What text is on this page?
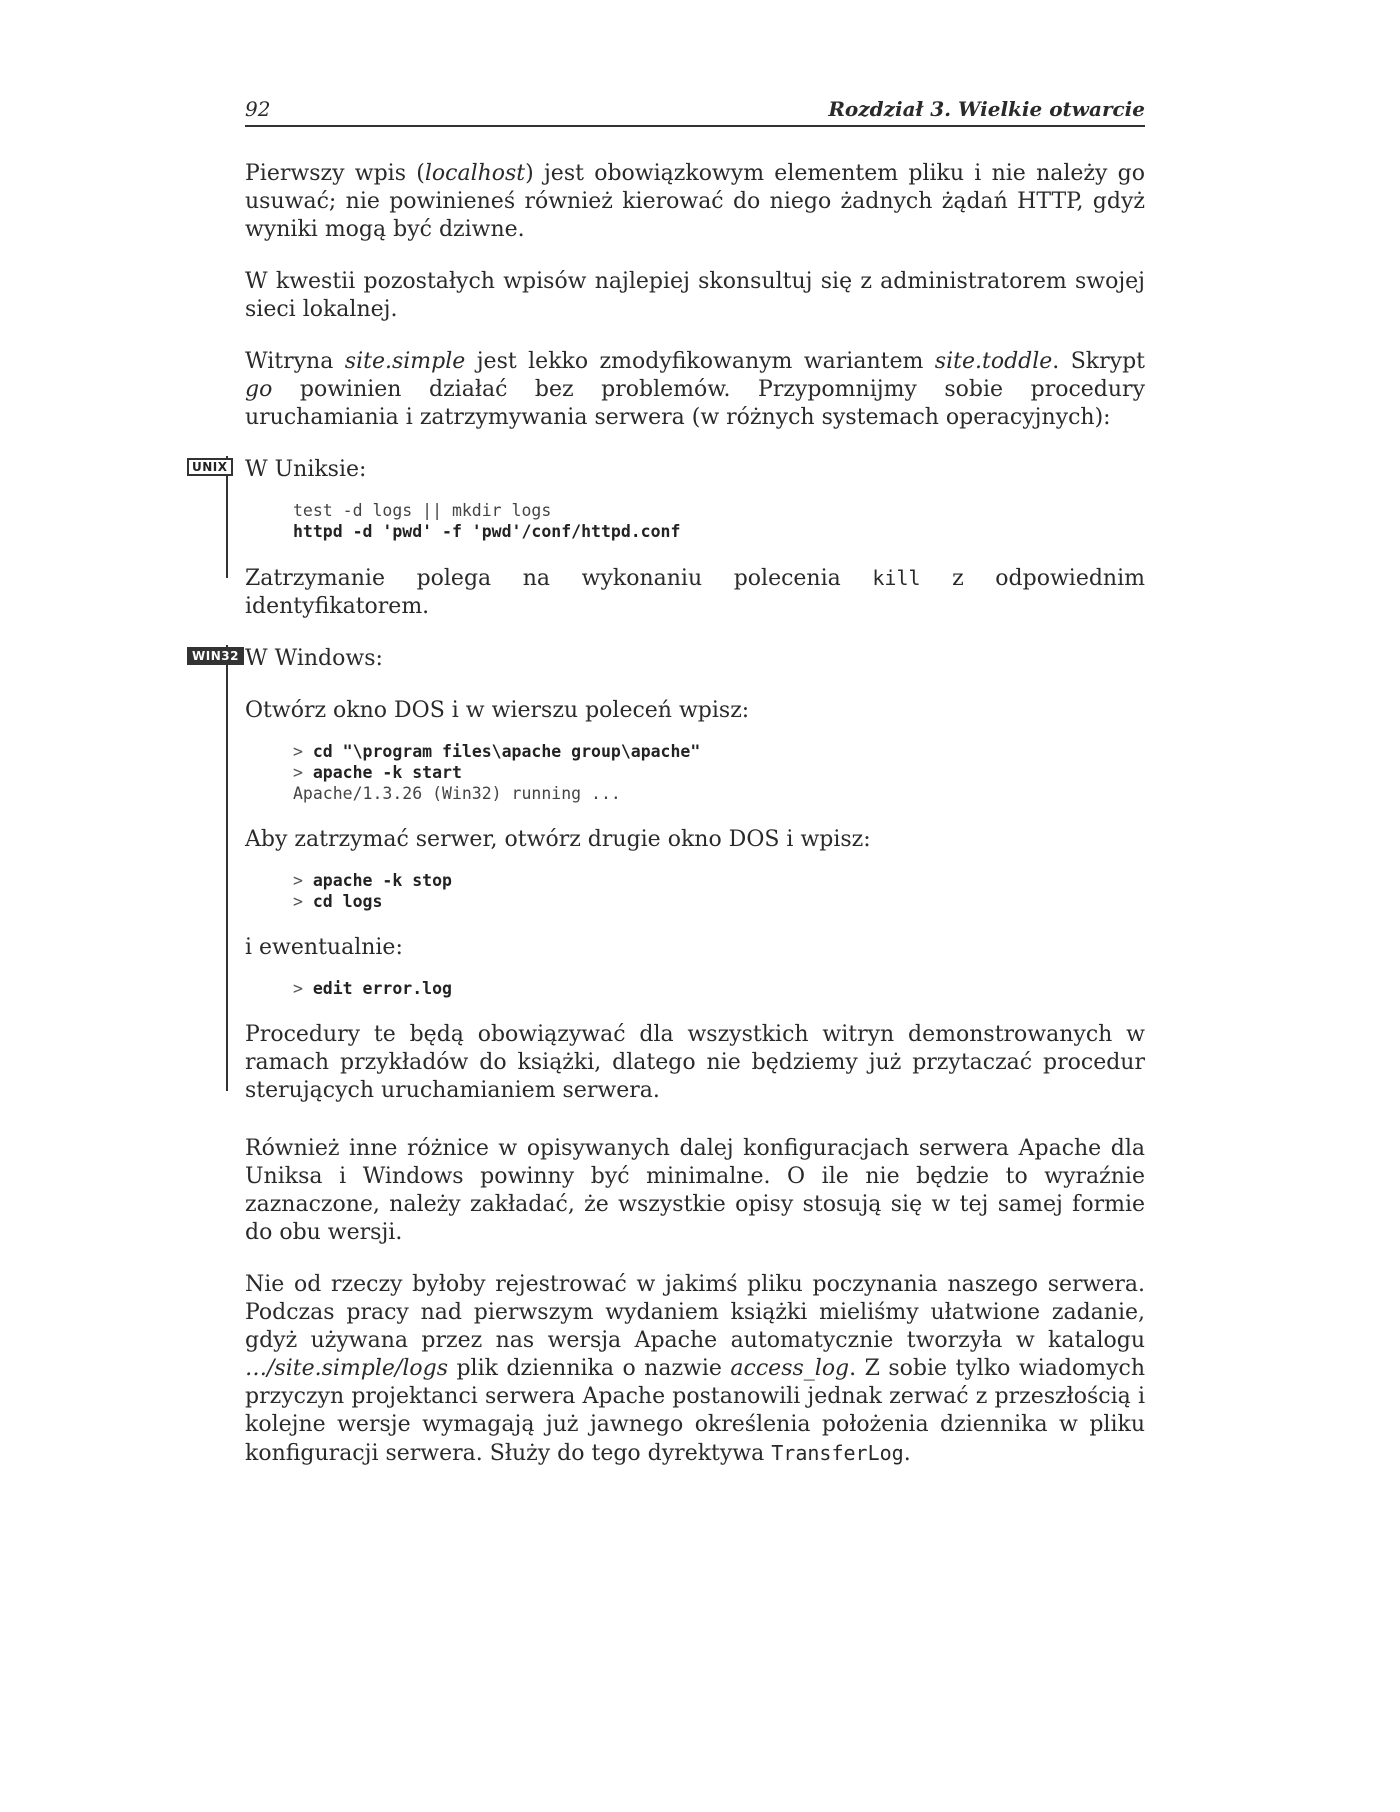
92	Rozdział 3. Wielkie otwarcie

Pierwszy wpis (localhost) jest obowiązkowym elementem pliku i nie należy go usuwać; nie powinieneś również kierować do niego żadnych żądań HTTP, gdyż wyniki mogą być dziwne.

W kwestii pozostałych wpisów najlepiej skonsultuj się z administratorem swojej sieci lokalnej.

Witryna site.simple jest lekko zmodyfikowanym wariantem site.toddle. Skrypt go powinien działać bez problemów. Przypomnijmy sobie procedury uruchamiania i zatrzymywania serwera (w różnych systemach operacyjnych):

UNIX W Uniksie:

test -d logs || mkdir logs
httpd -d 'pwd' -f 'pwd'/conf/httpd.conf

Zatrzymanie polega na wykonaniu polecenia kill z odpowiednim identyfikatorem.

WIN32 W Windows:

Otwórz okno DOS i w wierszu poleceń wpisz:

> cd "\program files\apache group\apache"
> apache -k start
Apache/1.3.26 (Win32) running ...

Aby zatrzymać serwer, otwórz drugie okno DOS i wpisz:

> apache -k stop
> cd logs

i ewentualnie:

> edit error.log

Procedury te będą obowiązywać dla wszystkich witryn demonstrowanych w ramach przykładów do książki, dlatego nie będziemy już przytaczać procedur sterujących uruchamianiem serwera.

Również inne różnice w opisywanych dalej konfiguracjach serwera Apache dla Uniksa i Windows powinny być minimalne. O ile nie będzie to wyraźnie zaznaczone, należy zakładać, że wszystkie opisy stosują się w tej samej formie do obu wersji.

Nie od rzeczy byłoby rejestrować w jakimś pliku poczynania naszego serwera. Podczas pracy nad pierwszym wydaniem książki mieliśmy ułatwione zadanie, gdyż używana przez nas wersja Apache automatycznie tworzyła w katalogu …/site.simple/logs plik dziennika o nazwie access_log. Z sobie tylko wiadomych przyczyn projektanci serwera Apache postanowili jednak zerwać z przeszłością i kolejne wersje wymagają już jawnego określenia położenia dziennika w pliku konfiguracji serwera. Służy do tego dyrektywa TransferLog.
